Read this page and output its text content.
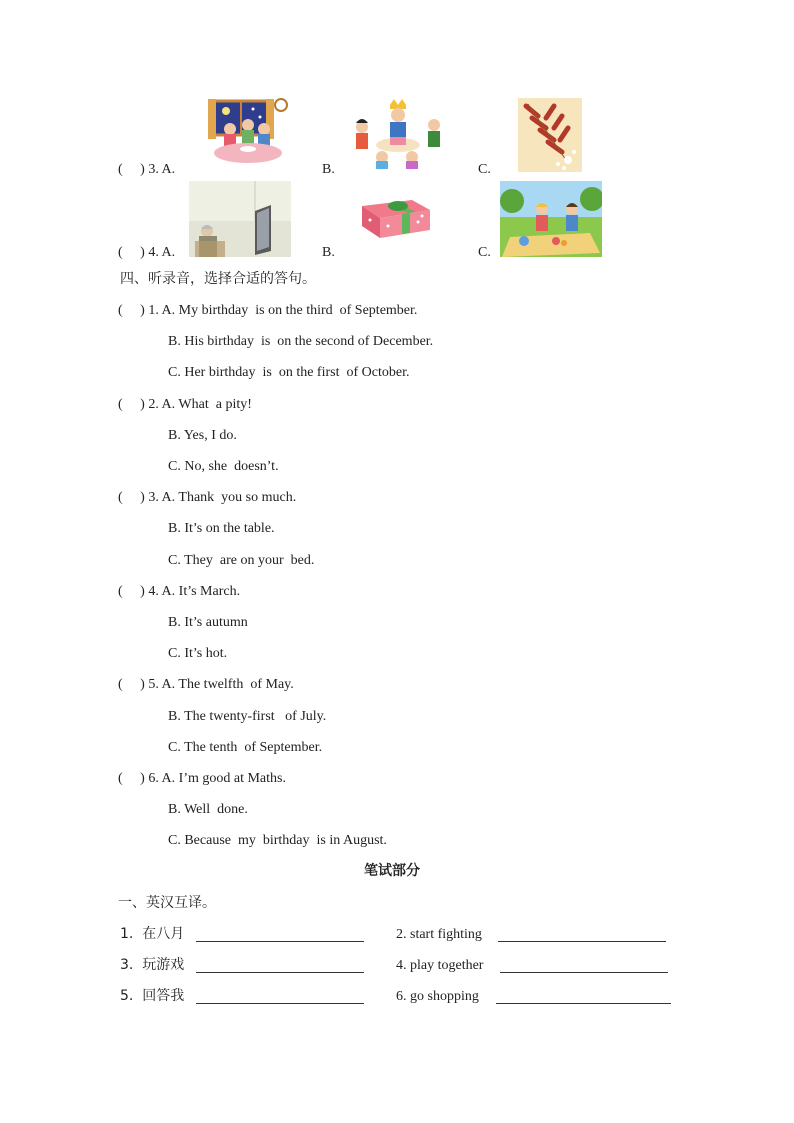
(     ) 3. A.	B.	C.
(     ) 4. A.	B.	C.
四、听录音，选择合适的答句。
(     ) 1. A. My birthday  is on the third  of September.
B. His birthday  is  on the second of December.
C. Her birthday  is  on the first  of October.
(     ) 2. A. What  a pity!
B. Yes, I do.
C. No, she  doesn’t.
(     ) 3. A. Thank  you so much.
B. It’s on the table.
C. They  are on your  bed.
(     ) 4. A. It’s March.
B. It’s autumn
C. It’s hot.
(     ) 5. A. The twelfth  of May.
B. The twenty-first   of July.
C. The tenth  of September.
(     ) 6. A. I’m good at Maths.
B. Well  done.
C. Because  my  birthday  is in August.
笔试部分
一、英汉互译。
1.  在八月	2. start fighting
3.  玩游戏	4. play together
5.  回答我	6. go shopping
